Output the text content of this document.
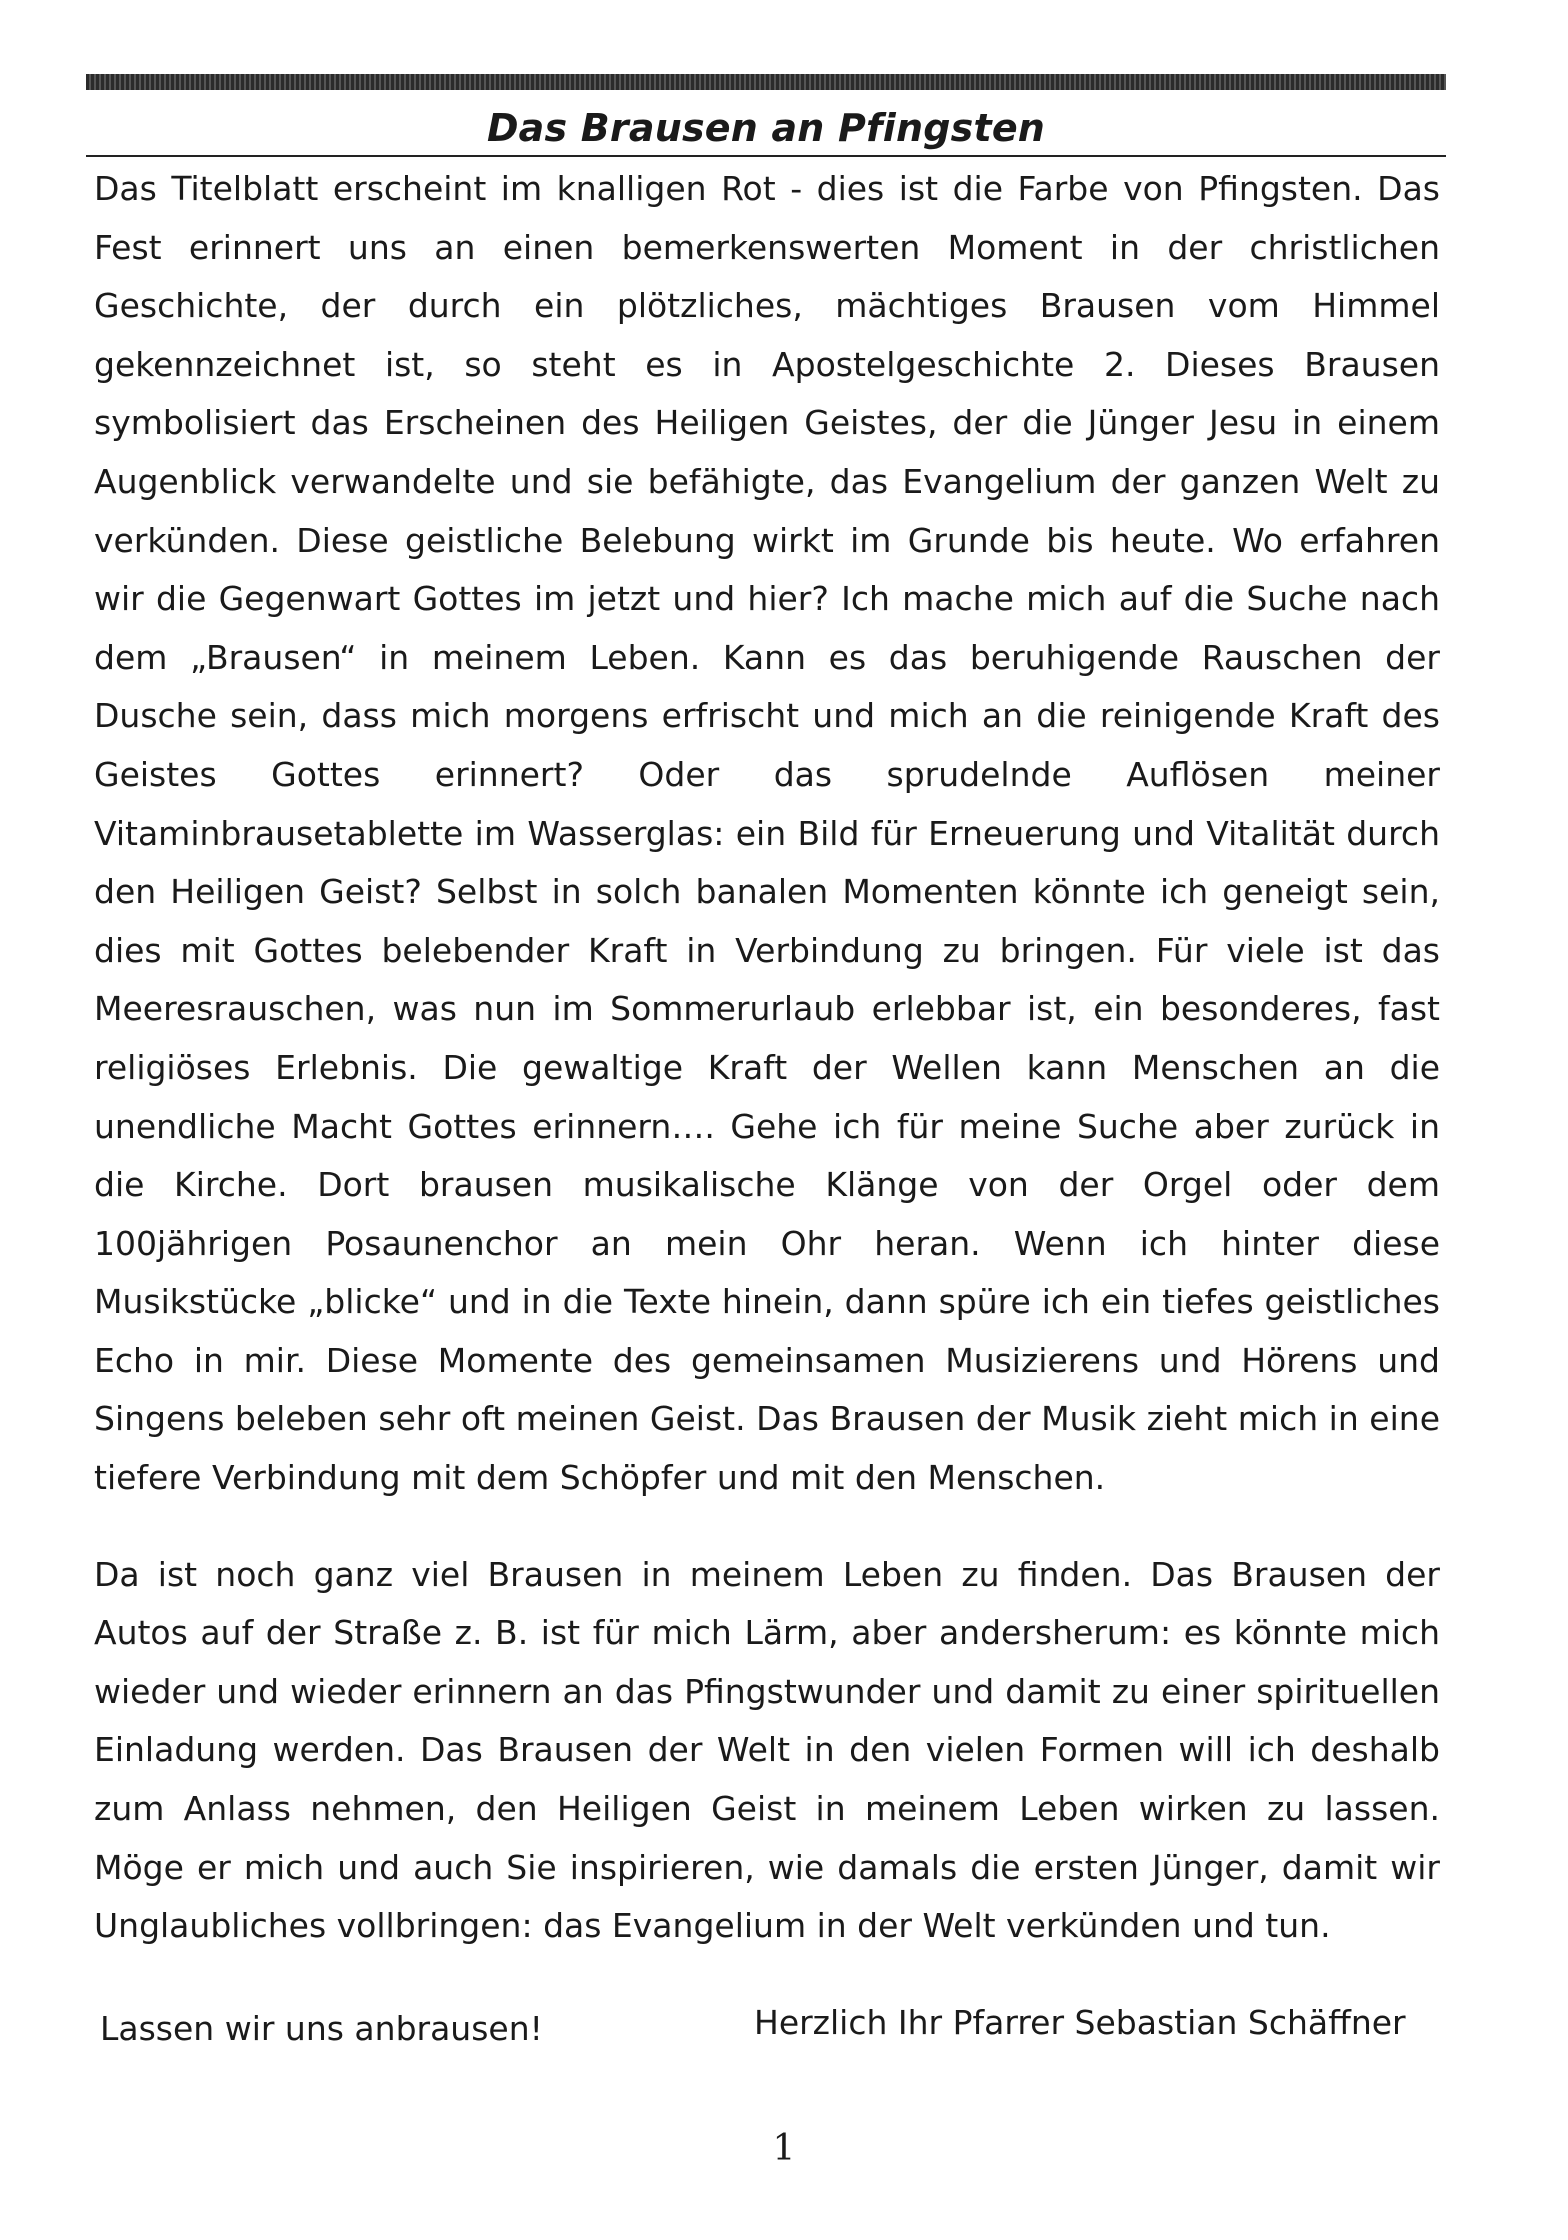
Das Brausen an Pfingsten

Das Titelblatt erscheint im knalligen Rot - dies ist die Farbe von Pfingsten. Das Fest erinnert uns an einen bemerkenswerten Moment in der christlichen Geschichte, der durch ein plötzliches, mächtiges Brausen vom Himmel gekennzeichnet ist, so steht es in Apostelgeschichte 2. Dieses Brausen symbolisiert das Erscheinen des Heiligen Geistes, der die Jünger Jesu in einem Augenblick verwandelte und sie befähigte, das Evangelium der ganzen Welt zu verkünden. Diese geistliche Belebung wirkt im Grunde bis heute. Wo erfahren wir die Gegenwart Gottes im jetzt und hier? Ich mache mich auf die Suche nach dem „Brausen“ in meinem Leben. Kann es das beruhigende Rauschen der Dusche sein, dass mich morgens erfrischt und mich an die reinigende Kraft des Geistes Gottes erinnert? Oder das sprudelnde Auflösen meiner Vitaminbrausetablette im Wasserglas: ein Bild für Erneuerung und Vitalität durch den Heiligen Geist? Selbst in solch banalen Momenten könnte ich geneigt sein, dies mit Gottes belebender Kraft in Verbindung zu bringen. Für viele ist das Meeresrauschen, was nun im Sommerurlaub erlebbar ist, ein besonderes, fast religiöses Erlebnis. Die gewaltige Kraft der Wellen kann Menschen an die unendliche Macht Gottes erinnern…. Gehe ich für meine Suche aber zurück in die Kirche. Dort brausen musikalische Klänge von der Orgel oder dem 100jährigen Posaunenchor an mein Ohr heran. Wenn ich hinter diese Musikstücke „blicke“ und in die Texte hinein, dann spüre ich ein tiefes geistliches Echo in mir. Diese Momente des gemeinsamen Musizierens und Hörens und Singens beleben sehr oft meinen Geist. Das Brausen der Musik zieht mich in eine tiefere Verbindung mit dem Schöpfer und mit den Menschen.

Da ist noch ganz viel Brausen in meinem Leben zu finden. Das Brausen der Autos auf der Straße z. B. ist für mich Lärm, aber andersherum: es könnte mich wieder und wieder erinnern an das Pfingstwunder und damit zu einer spirituellen Einladung werden. Das Brausen der Welt in den vielen Formen will ich deshalb zum Anlass nehmen, den Heiligen Geist in meinem Leben wirken zu lassen. Möge er mich und auch Sie inspirieren, wie damals die ersten Jünger, damit wir Unglaubliches vollbringen: das Evangelium in der Welt verkünden und tun.

Lassen wir uns anbrausen!	Herzlich Ihr Pfarrer Sebastian Schäffner
1
